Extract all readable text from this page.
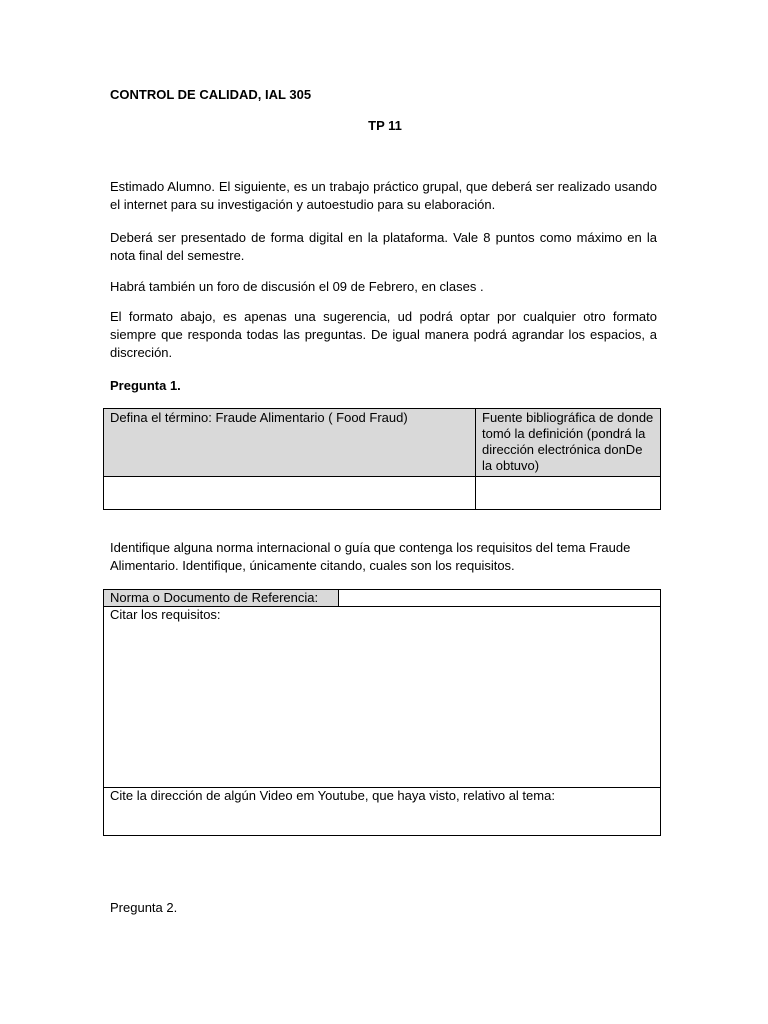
CONTROL DE CALIDAD, IAL 305
TP 11
Estimado Alumno. El siguiente, es un trabajo práctico grupal, que deberá ser realizado usando el internet para su investigación y autoestudio para su elaboración.
Deberá ser presentado de forma digital en la plataforma. Vale 8 puntos como máximo en la nota final del semestre.
Habrá también un foro de discusión el 09 de Febrero, en clases .
El formato abajo, es apenas una sugerencia, ud podrá optar por cualquier otro formato siempre que responda todas las preguntas. De igual manera podrá agrandar los espacios, a discreción.
Pregunta 1.
Defina el término: Fraude Alimentario ( Food Fraud)	Fuente bibliográfica de donde tomó la definición (pondrá la dirección electrónica donDe la obtuvo)

Identifique alguna norma internacional o guía que contenga los requisitos del tema Fraude Alimentario. Identifique, únicamente citando, cuales son los requisitos.
Norma o Documento de Referencia:	
Citar los requisitos:
Cite la dirección de algún Video em Youtube, que haya visto, relativo al tema:
Pregunta 2.
